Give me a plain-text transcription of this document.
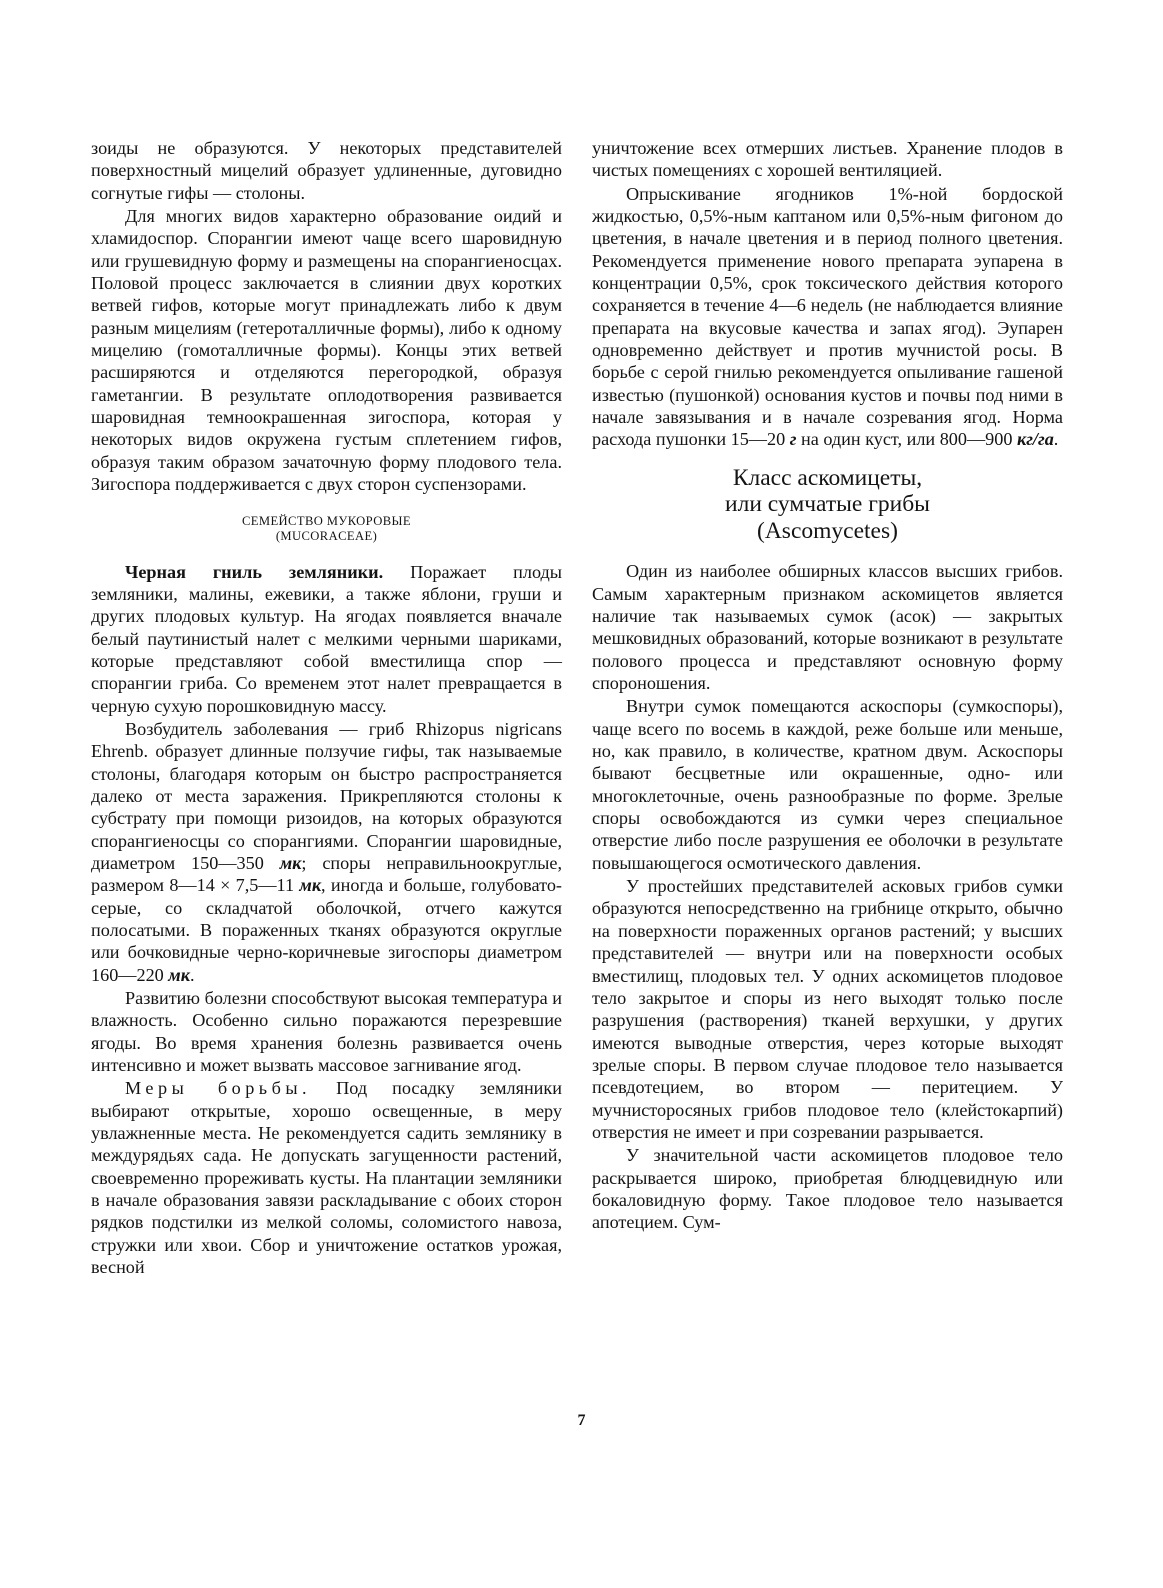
зоиды не образуются. У некоторых представителей поверхностный мицелий образует удлиненные, дуговидно согнутые гифы — столоны.

Для многих видов характерно образование оидий и хламидоспор. Спорангии имеют чаще всего шаровидную или грушевидную форму и размещены на спорангиеносцах. Половой процесс заключается в слиянии двух коротких ветвей гифов, которые могут принадлежать либо к двум разным мицелиям (гетероталличные формы), либо к одному мицелию (гомоталличные формы). Концы этих ветвей расширяются и отделяются перегородкой, образуя гаметангии. В результате оплодотворения развивается шаровидная темноокрашенная зигоспора, которая у некоторых видов окружена густым сплетением гифов, образуя таким образом зачаточную форму плодового тела. Зигоспора поддерживается с двух сторон суспензорами.

СЕМЕЙСТВО МУКОРОВЫЕ
(MUCORACEAE)

Черная гниль земляники. Поражает плоды земляники, малины, ежевики, а также яблони, груши и других плодовых культур. На ягодах появляется вначале белый паутинистый налет с мелкими черными шариками, которые представляют собой вместилища спор — спорангии гриба. Со временем этот налет превращается в черную сухую порошковидную массу.

Возбудитель заболевания — гриб Rhizopus nigricans Ehrenb. образует длинные ползучие гифы, так называемые столоны, благодаря которым он быстро распространяется далеко от места заражения. Прикрепляются столоны к субстрату при помощи ризоидов, на которых образуются спорангиеносцы со спорангиями. Спорангии шаровидные, диаметром 150—350 мк; споры неправильноокруглые, размером 8—14 × 7,5—11 мк, иногда и больше, голубовато-серые, со складчатой оболочкой, отчего кажутся полосатыми. В пораженных тканях образуются округлые или бочковидные черно-коричневые зигоспоры диаметром 160—220 мк.

Развитию болезни способствуют высокая температура и влажность. Особенно сильно поражаются перезревшие ягоды. Во время хранения болезнь развивается очень интенсивно и может вызвать массовое загнивание ягод.

Меры борьбы. Под посадку земляники выбирают открытые, хорошо освещенные, в меру увлажненные места. Не рекомендуется садить землянику в междурядьях сада. Не допускать загущенности растений, своевременно прореживать кусты. На плантации земляники в начале образования завязи раскладывание с обоих сторон рядков подстилки из мелкой соломы, соломистого навоза, стружки или хвои. Сбор и уничтожение остатков урожая, весной

уничтожение всех отмерших листьев. Хранение плодов в чистых помещениях с хорошей вентиляцией.

Опрыскивание ягодников 1%-ной бордоской жидкостью, 0,5%-ным каптаном или 0,5%-ным фигоном до цветения, в начале цветения и в период полного цветения. Рекомендуется применение нового препарата эупарена в концентрации 0,5%, срок токсического действия которого сохраняется в течение 4—6 недель (не наблюдается влияние препарата на вкусовые качества и запах ягод). Эупарен одновременно действует и против мучнистой росы. В борьбе с серой гнилью рекомендуется опыливание гашеной известью (пушонкой) основания кустов и почвы под ними в начале завязывания и в начале созревания ягод. Норма расхода пушонки 15—20 г на один куст, или 800—900 кг/га.

Класс аскомицеты,
или сумчатые грибы
(Ascomycetes)

Один из наиболее обширных классов высших грибов. Самым характерным признаком аскомицетов является наличие так называемых сумок (асок) — закрытых мешковидных образований, которые возникают в результате полового процесса и представляют основную форму спороношения.

Внутри сумок помещаются аскоспоры (сумкоспоры), чаще всего по восемь в каждой, реже больше или меньше, но, как правило, в количестве, кратном двум. Аскоспоры бывают бесцветные или окрашенные, одно- или многоклеточные, очень разнообразные по форме. Зрелые споры освобождаются из сумки через специальное отверстие либо после разрушения ее оболочки в результате повышающегося осмотического давления.

У простейших представителей асковых грибов сумки образуются непосредственно на грибнице открыто, обычно на поверхности пораженных органов растений; у высших представителей — внутри или на поверхности особых вместилищ, плодовых тел. У одних аскомицетов плодовое тело закрытое и споры из него выходят только после разрушения (растворения) тканей верхушки, у других имеются выводные отверстия, через которые выходят зрелые споры. В первом случае плодовое тело называется псевдотецием, во втором — перитецием. У мучнисторосяных грибов плодовое тело (клейстокарпий) отверстия не имеет и при созревании разрывается.

У значительной части аскомицетов плодовое тело раскрывается широко, приобретая блюдцевидную или бокаловидную форму. Такое плодовое тело называется апотецием. Сум-

7
